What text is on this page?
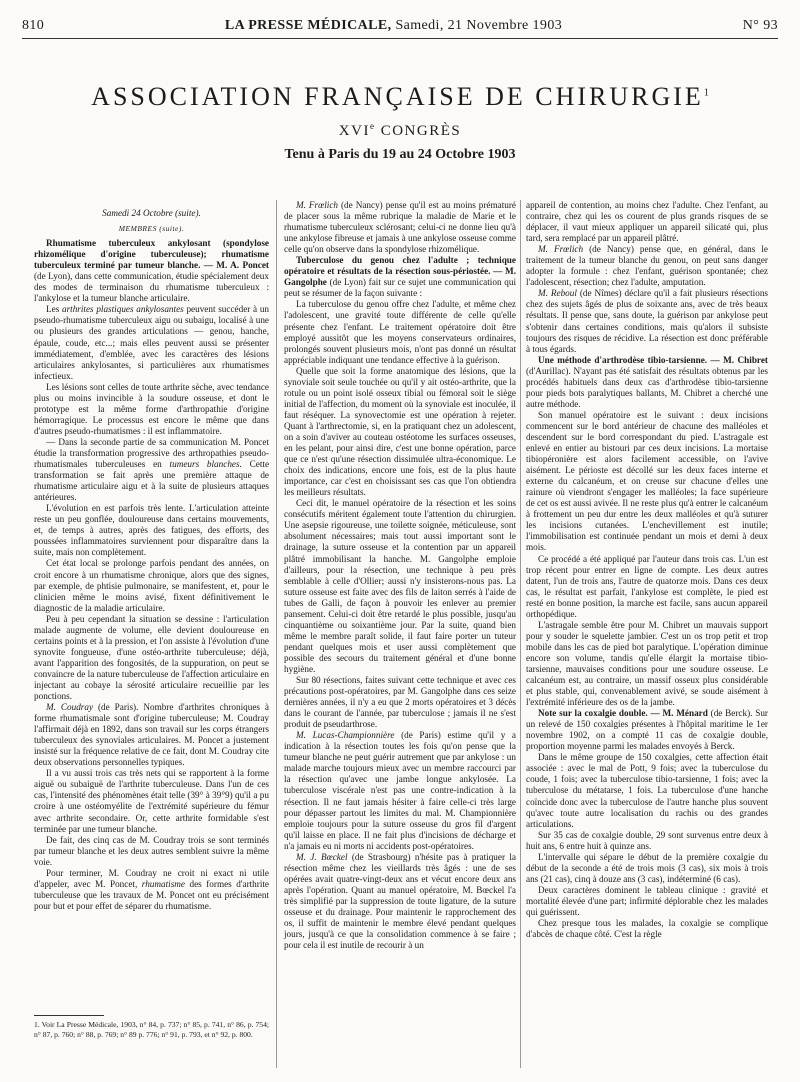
810	LA PRESSE MÉDICALE, Samedi, 21 Novembre 1903	N° 93
ASSOCIATION FRANÇAISE DE CHIRURGIE$^1$
XVIe CONGRÈS
Tenu à Paris du 19 au 24 Octobre 1903

Samedi 24 Octobre (suite).

MEMBRES (suite).

Rhumatisme tuberculeux ankylosant (spondylose rhizomélique d'origine tuberculeuse); rhumatisme tuberculeux terminé par tumeur blanche. — M. A. Poncet (de Lyon), dans cette communication, étudie spécialement deux des modes de terminaison du rhumatisme tuberculeux : l'ankylose et la tumeur blanche articulaire.

Les arthrites plastiques ankylosantes peuvent succéder à un pseudo-rhumatisme tuberculeux aigu ou subaigu, localisé à une ou plusieurs des grandes articulations — genou, hanche, épaule, coude, etc...; mais elles peuvent aussi se présenter immédiatement, d'emblée, avec les caractères des lésions articulaires ankylosantes, si particulières aux rhumatismes infectieux.

Les lésions sont celles de toute arthrite sèche, avec tendance plus ou moins invincible à la soudure osseuse, et dont le prototype est la même forme d'arthropathie d'origine hémorragique. Le processus est encore le même que dans d'autres pseudo-rhumatismes : il est inflammatoire.

— Dans la seconde partie de sa communication M. Poncet étudie la transformation progressive des arthropathies pseudo-rhumatismales tuberculeuses en tumeurs blanches. Cette transformation se fait après une première attaque de rhumatisme articulaire aigu et à la suite de plusieurs attaques antérieures.

L'évolution en est parfois très lente. L'articulation atteinte reste un peu gonflée, douloureuse dans certains mouvements, et, de temps à autres, après des fatigues, des efforts, des poussées inflammatoires surviennent pour disparaître dans la suite, mais non complètement.

Cet état local se prolonge parfois pendant des années, on croit encore à un rhumatisme chronique, alors que des signes, par exemple, de phtisie pulmonaire, se manifestent, et, pour le clinicien même le moins avisé, fixent définitivement le diagnostic de la maladie articulaire.

Peu à peu cependant la situation se dessine : l'articulation malade augmente de volume, elle devient douloureuse en certains points et à la pression, et l'on assiste à l'évolution d'une synovite fongueuse, d'une ostéo-arthrite tuberculeuse; déjà, avant l'apparition des fongosités, de la suppuration, on peut se convaincre de la nature tuberculeuse de l'affection articulaire en injectant au cobaye la sérosité articulaire recueillie par les ponctions.

M. Coudray (de Paris). Nombre d'arthrites chroniques à forme rhumatismale sont d'origine tuberculeuse; M. Coudray l'affirmait déjà en 1892, dans son travail sur les corps étrangers tuberculeux des synoviales articulaires. M. Poncet a justement insisté sur la fréquence relative de ce fait, dont M. Coudray cite deux observations personnelles typiques.

Il a vu aussi trois cas très nets qui se rapportent à la forme aiguë ou subaiguë de l'arthrite tuberculeuse. Dans l'un de ces cas, l'intensité des phénomènes était telle (39° à 39°9) qu'il a pu croire à une ostéomyélite de l'extrémité supérieure du fémur avec arthrite secondaire. Or, cette arthrite formidable s'est terminée par une tumeur blanche.

De fait, des cinq cas de M. Coudray trois se sont terminés par tumeur blanche et les deux autres semblent suivre la même voie.

Pour terminer, M. Coudray ne croit ni exact ni utile d'appeler, avec M. Poncet, rhumatisme des formes d'arthrite tuberculeuse que les travaux de M. Poncet ont eu précisément pour but et pour effet de séparer du rhumatisme.

1. Voir La Presse Médicale, 1903, n° 84, p. 737; n° 85, p. 741, n° 86, p. 754; n° 87, p. 760; n° 88, p. 769; n° 89 p. 776; n° 91, p. 793, et n° 92, p. 800.

M. Frœlich (de Nancy) pense qu'il est au moins prématuré de placer sous la même rubrique la maladie de Marie et le rhumatisme tuberculeux sclérosant; celui-ci ne donne lieu qu'à une ankylose fibreuse et jamais à une ankylose osseuse comme celle qu'on observe dans la spondylose rhizomélique.

Tuberculose du genou chez l'adulte ; technique opératoire et résultats de la résection sous-périostée. — M. Gangolphe (de Lyon) fait sur ce sujet une communication qui peut se résumer de la façon suivante :

La tuberculose du genou offre chez l'adulte, et même chez l'adolescent, une gravité toute différente de celle qu'elle présente chez l'enfant. Le traitement opératoire doit être employé aussitôt que les moyens conservateurs ordinaires, prolongés souvent plusieurs mois, n'ont pas donné un résultat appréciable indiquant une tendance effective à la guérison.

Quelle que soit la forme anatomique des lésions, que la synoviale soit seule touchée ou qu'il y ait ostéo-arthrite, que la rotule ou un point isolé osseux tibial ou fémoral soit le siège initial de l'affection, du moment où la synoviale est inoculée, il faut réséquer. La synovectomie est une opération à rejeter. Quant à l'arthrectomie, si, en la pratiquant chez un adolescent, on a soin d'aviver au couteau ostéotome les surfaces osseuses, en les pelant, pour ainsi dire, c'est une bonne opération, parce que ce n'est qu'une résection dissimulée ultra-économique. Le choix des indications, encore une fois, est de la plus haute importance, car c'est en choisissant ses cas que l'on obtiendra les meilleurs résultats.

Ceci dit, le manuel opératoire de la résection et les soins consécutifs méritent également toute l'attention du chirurgien. Une asepsie rigoureuse, une toilette soignée, méticuleuse, sont absolument nécessaires; mais tout aussi important sont le drainage, la suture osseuse et la contention par un appareil plâtré immobilisant la hanche. M. Gangolphe emploie d'ailleurs, pour la résection, une technique à peu près semblable à celle d'Ollier; aussi n'y insisterons-nous pas. La suture osseuse est faite avec des fils de laiton serrés à l'aide de tubes de Galli, de façon à pouvoir les enlever au premier pansement. Celui-ci doit être retardé le plus possible, jusqu'au cinquantième ou soixantième jour. Par la suite, quand bien même le membre paraît solide, il faut faire porter un tuteur pendant quelques mois et user aussi complètement que possible des secours du traitement général et d'une bonne hygiène.

Sur 80 résections, faites suivant cette technique et avec ces précautions post-opératoires, par M. Gangolphe dans ces seize dernières années, il n'y a eu que 2 morts opératoires et 3 décès dans le courant de l'année, par tuberculose ; jamais il ne s'est produit de pseudarthrose.

M. Lucas-Championnière (de Paris) estime qu'il y a indication à la résection toutes les fois qu'on pense que la tumeur blanche ne peut guérir autrement que par ankylose : un malade marche toujours mieux avec un membre raccourci par la résection qu'avec une jambe longue ankylosée. La tuberculose viscérale n'est pas une contre-indication à la résection. Il ne faut jamais hésiter à faire celle-ci très large pour dépasser partout les limites du mal. M. Championnière emploie toujours pour la suture osseuse du gros fil d'argent qu'il laisse en place. Il ne fait plus d'incisions de décharge et n'a jamais eu ni morts ni accidents post-opératoires.

M. J. Bœckel (de Strasbourg) n'hésite pas à pratiquer la résection même chez les vieillards très âgés : une de ses opérées avait quatre-vingt-deux ans et vécut encore deux ans après l'opération. Quant au manuel opératoire, M. Bœckel l'a très simplifié par la suppression de toute ligature, de la suture osseuse et du drainage. Pour maintenir le rapprochement des os, il suffit de maintenir le membre élevé pendant quelques jours, jusqu'à ce que la consolidation commence à se faire ; pour cela il est inutile de recourir à un

appareil de contention, au moins chez l'adulte. Chez l'enfant, au contraire, chez qui les os courent de plus grands risques de se déplacer, il vaut mieux appliquer un appareil silicaté qui, plus tard, sera remplacé par un appareil plâtré.

M. Frœlich (de Nancy) pense que, en général, dans le traitement de la tumeur blanche du genou, on peut sans danger adopter la formule : chez l'enfant, guérison spontanée; chez l'adolescent, résection; chez l'adulte, amputation.

M. Reboul (de Nîmes) déclare qu'il a fait plusieurs résections chez des sujets âgés de plus de soixante ans, avec de très beaux résultats. Il pense que, sans doute, la guérison par ankylose peut s'obtenir dans certaines conditions, mais qu'alors il subsiste toujours des risques de récidive. La résection est donc préférable à tous égards.

Une méthode d'arthrodèse tibio-tarsienne. — M. Chibret (d'Aurillac). N'ayant pas été satisfait des résultats obtenus par les procédés habituels dans deux cas d'arthrodèse tibio-tarsienne pour pieds bots paralytiques ballants, M. Chibret a cherché une autre méthode.

Son manuel opératoire est le suivant : deux incisions commencent sur le bord antérieur de chacune des malléoles et descendent sur le bord correspondant du pied. L'astragale est enlevé en entier au bistouri par ces deux incisions. La mortaise tibiopéronière est alors facilement accessible, on l'avive aisément. Le périoste est décollé sur les deux faces interne et externe du calcanéum, et on creuse sur chacune d'elles une rainure où viendront s'engager les malléoles; la face supérieure de cet os est aussi avivée. Il ne reste plus qu'à entrer le calcanéum à frottement un peu dur entre les deux malléoles et qu'à suturer les incisions cutanées. L'enchevillement est inutile; l'immobilisation est continuée pendant un mois et demi à deux mois.

Ce procédé a été appliqué par l'auteur dans trois cas. L'un est trop récent pour entrer en ligne de compte. Les deux autres datent, l'un de trois ans, l'autre de quatorze mois. Dans ces deux cas, le résultat est parfait, l'ankylose est complète, le pied est resté en bonne position, la marche est facile, sans aucun appareil orthopédique.

L'astragale semble être pour M. Chibret un mauvais support pour y souder le squelette jambier. C'est un os trop petit et trop mobile dans les cas de pied bot paralytique. L'opération diminue encore son volume, tandis qu'elle élargit la mortaise tibio-tarsienne, mauvaises conditions pour une soudure osseuse. Le calcanéum est, au contraire, un massif osseux plus considérable et plus stable, qui, convenablement avivé, se soude aisément à l'extrémité inférieure des os de la jambe.

Note sur la coxalgie double. — M. Ménard (de Berck). Sur un relevé de 150 coxalgies présentes à l'hôpital maritime le 1er novembre 1902, on a compté 11 cas de coxalgie double, proportion moyenne parmi les malades envoyés à Berck.

Dans le même groupe de 150 coxalgies, cette affection était associée : avec le mal de Pott, 9 fois; avec la tuberculose du coude, 1 fois; avec la tuberculose tibio-tarsienne, 1 fois; avec la tuberculose du métatarse, 1 fois. La tuberculose d'une hanche coïncide donc avec la tuberculose de l'autre hanche plus souvent qu'avec toute autre localisation du rachis ou des grandes articulations.

Sur 35 cas de coxalgie double, 29 sont survenus entre deux à huit ans, 6 entre huit à quinze ans.

L'intervalle qui sépare le début de la première coxalgie du début de la seconde a été de trois mois (3 cas), six mois à trois ans (21 cas), cinq à douze ans (3 cas), indéterminé (6 cas).

Deux caractères dominent le tableau clinique : gravité et mortalité élevée d'une part; infirmité déplorable chez les malades qui guérissent.

Chez presque tous les malades, la coxalgie se complique d'abcès de chaque côté. C'est la règle
